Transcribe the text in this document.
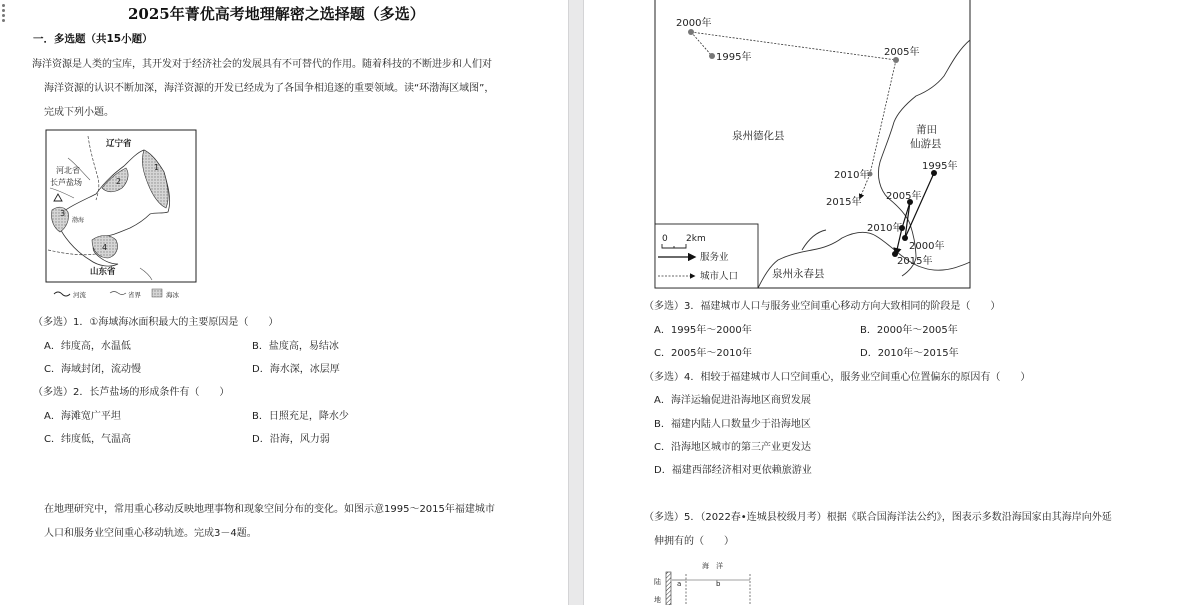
2025年菁优高考地理解密之选择题（多选）
一．多选题（共15小题）
海洋资源是人类的宝库，其开发对于经济社会的发展具有不可替代的作用。随着科技的不断进步和人们对
海洋资源的认识不断加深，海洋资源的开发已经成为了各国争相追逐的重要领域。读“环渤海区域图”，
完成下列小题。
辽宁省
河北省
长芦盐场
渤海
山东省
1
2
3
4
河流	省界	海冰
（多选）1．①海域海冰面积最大的主要原因是（　　）
A．纬度高，水温低	B．盐度高，易结冰
C．海域封闭，流动慢	D．海水深，冰层厚
（多选）2．长芦盐场的形成条件有（　　）
A．海滩宽广平坦	B．日照充足，降水少
C．纬度低，气温高	D．沿海，风力弱
在地理研究中，常用重心移动反映地理事物和现象空间分布的变化。如图示意1995～2015年福建城市
人口和服务业空间重心移动轨迹。完成3－4题。
2000年
1995年	2005年
泉州德化县	莆田
仙游县
2010年
2015年
1995年
2005年
2010年
2000年
2015年
0 2km
服务业
城市人口	泉州永春县
（多选）3．福建城市人口与服务业空间重心移动方向大致相同的阶段是（　　）
A．1995年～2000年	B．2000年～2005年
C．2005年～2010年	D．2010年～2015年
（多选）4．相较于福建城市人口空间重心，服务业空间重心位置偏东的原因有（　　）
A．海洋运输促进沿海地区商贸发展
B．福建内陆人口数量少于沿海地区
C．沿海地区城市的第三产业更发达
D．福建西部经济相对更依赖旅游业
（多选）5．（2022春•连城县校级月考）根据《联合国海洋法公约》，图表示多数沿海国家由其海岸向外延
伸拥有的（　　）
陆
地
海　洋
a	b
